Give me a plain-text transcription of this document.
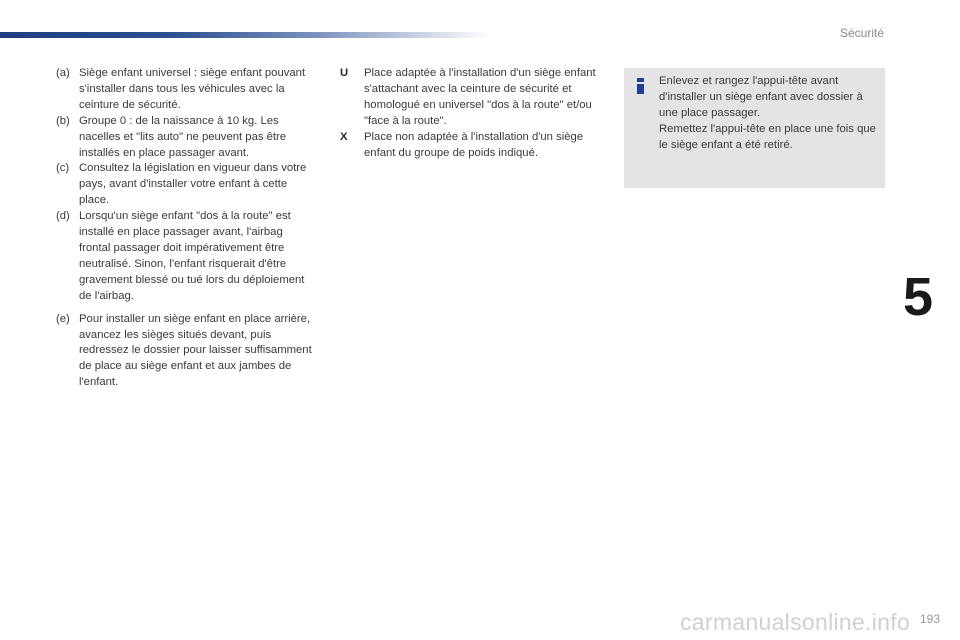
Sécurité
5
(a) Siège enfant universel : siège enfant pouvant s'installer dans tous les véhicules avec la ceinture de sécurité.
(b) Groupe 0 : de la naissance à 10 kg. Les nacelles et "lits auto" ne peuvent pas être installés en place passager avant.
(c) Consultez la législation en vigueur dans votre pays, avant d'installer votre enfant à cette place.
(d) Lorsqu'un siège enfant "dos à la route" est installé en place passager avant, l'airbag frontal passager doit impérativement être neutralisé. Sinon, l'enfant risquerait d'être gravement blessé ou tué lors du déploiement de l'airbag.
(e) Pour installer un siège enfant en place arrière, avancez les sièges situés devant, puis redressez le dossier pour laisser suffisamment de place au siège enfant et aux jambes de l'enfant.
U	Place adaptée à l'installation d'un siège enfant s'attachant avec la ceinture de sécurité et homologué en universel "dos à la route" et/ou "face à la route".
X	Place non adaptée à l'installation d'un siège enfant du groupe de poids indiqué.
Enlevez et rangez l'appui-tête avant d'installer un siège enfant avec dossier à une place passager.
Remettez l'appui-tête en place une fois que le siège enfant a été retiré.
carmanualsonline.info 193
